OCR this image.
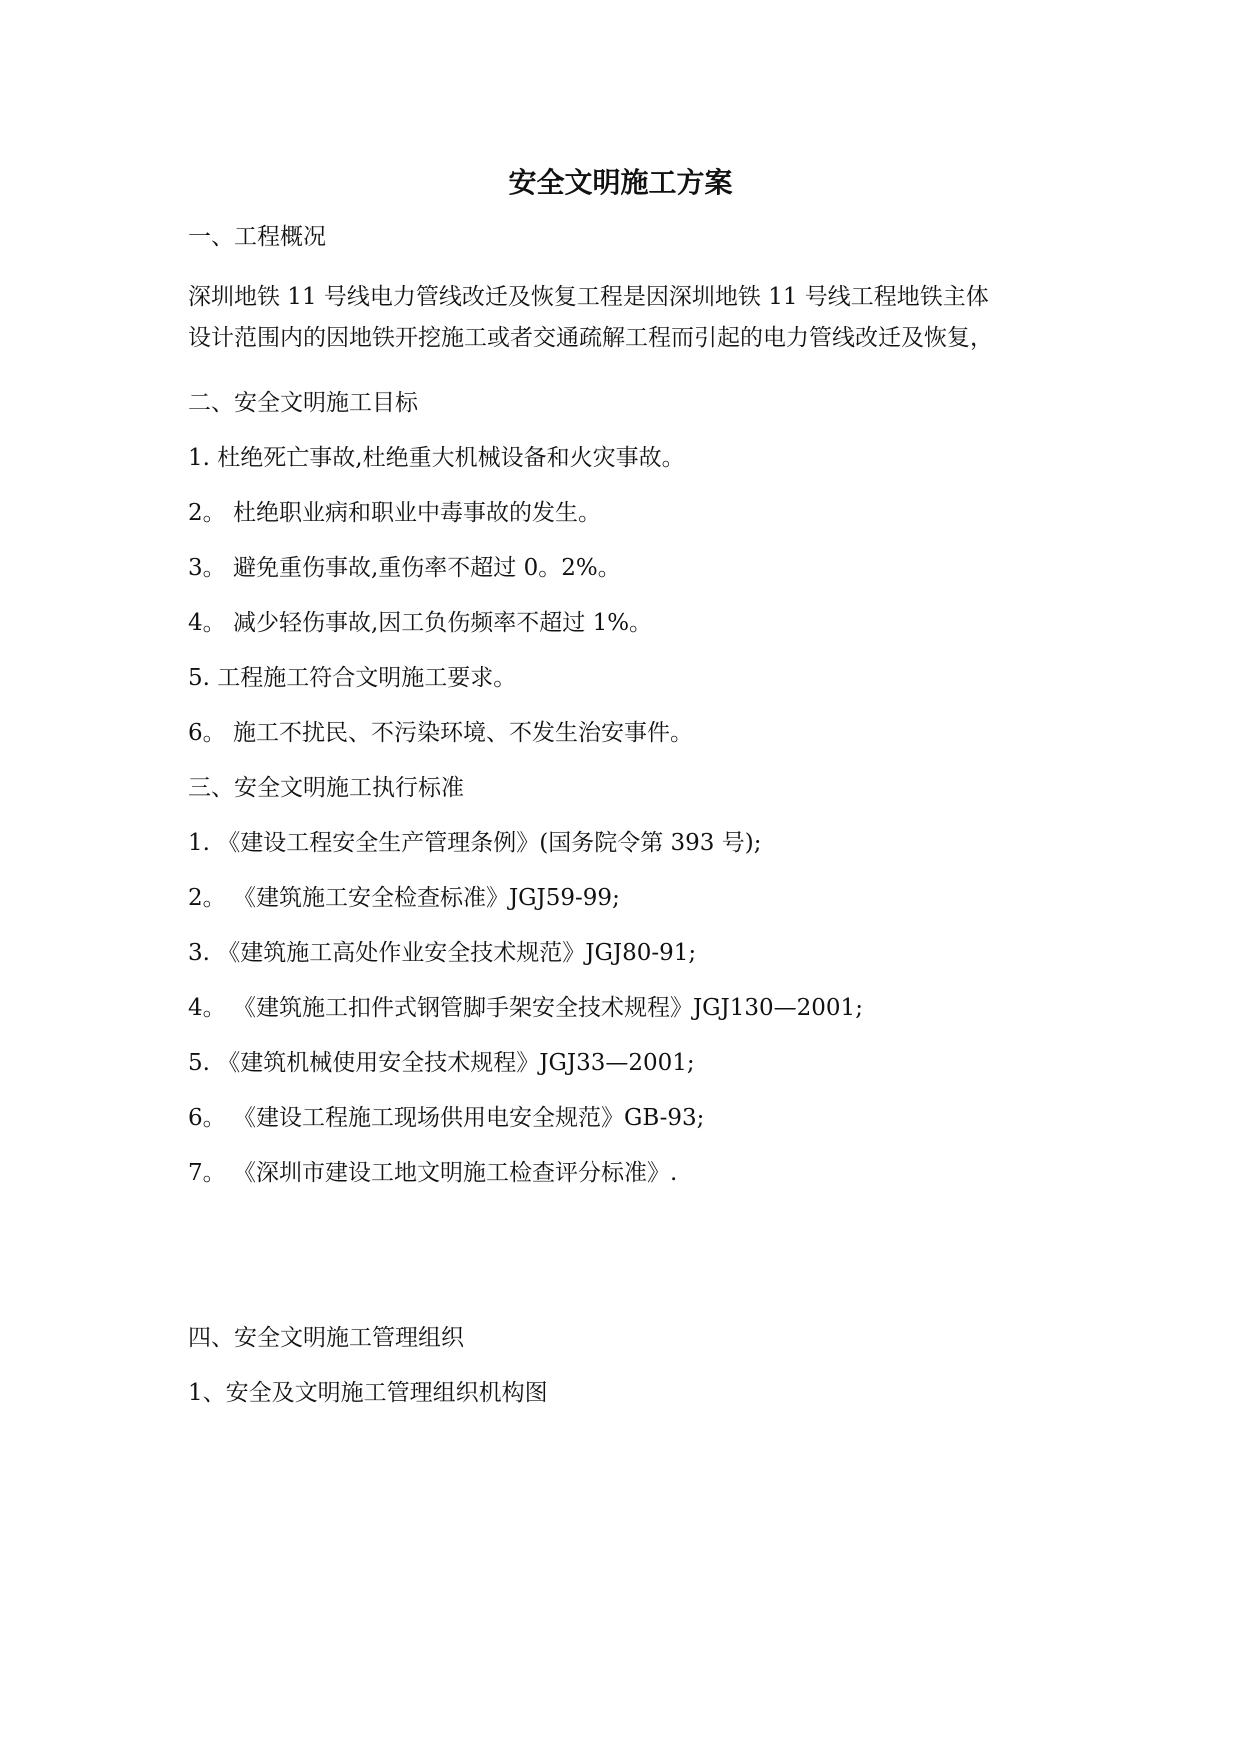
安全文明施工方案
一、工程概况
深圳地铁 11 号线电力管线改迁及恢复工程是因深圳地铁 11 号线工程地铁主体
设计范围内的因地铁开挖施工或者交通疏解工程而引起的电力管线改迁及恢复，
二、安全文明施工目标
1. 杜绝死亡事故,杜绝重大机械设备和火灾事故。
2。 杜绝职业病和职业中毒事故的发生。
3。 避免重伤事故,重伤率不超过 0。2%。
4。 减少轻伤事故,因工负伤频率不超过 1%。
5. 工程施工符合文明施工要求。
6。 施工不扰民、不污染环境、不发生治安事件。
三、安全文明施工执行标准
1. 《建设工程安全生产管理条例》(国务院令第 393 号);
2。 《建筑施工安全检查标准》JGJ59-99;
3. 《建筑施工高处作业安全技术规范》JGJ80-91;
4。 《建筑施工扣件式钢管脚手架安全技术规程》JGJ130—2001;
5. 《建筑机械使用安全技术规程》JGJ33—2001;
6。 《建设工程施工现场供用电安全规范》GB-93;
7。 《深圳市建设工地文明施工检查评分标准》.
四、安全文明施工管理组织
1、安全及文明施工管理组织机构图
